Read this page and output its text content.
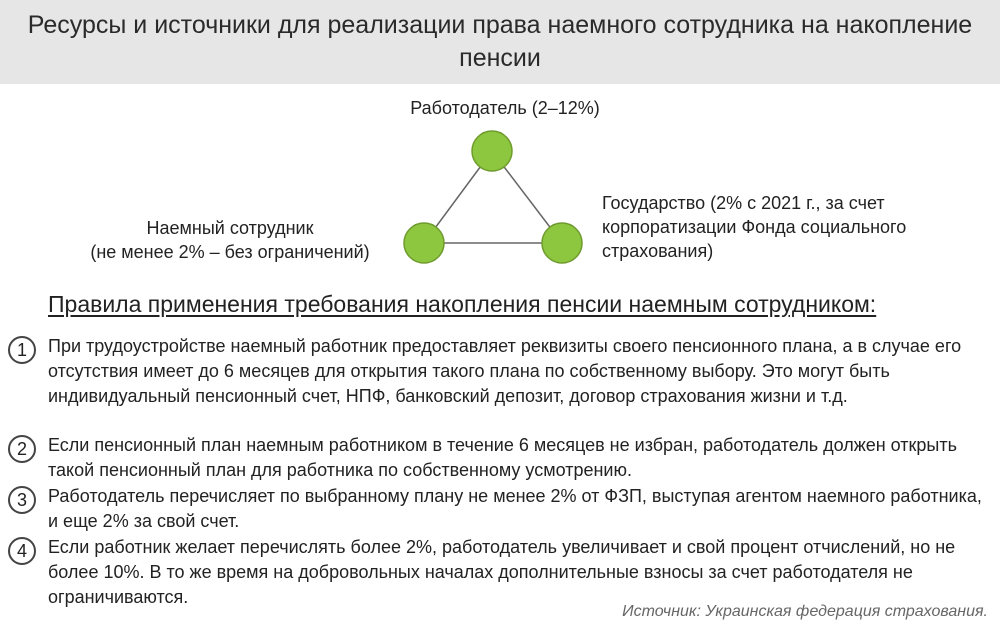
Ресурсы и источники для реализации права наемного сотрудника на накопление пенсии
Работодатель (2–12%)
Наемный сотрудник
(не менее 2% – без ограничений)
Государство (2% с 2021 г., за счет
корпоратизации Фонда социального
страхования)
Правила применения требования накопления пенсии наемным сотрудником:
1	При трудоустройстве наемный работник предоставляет реквизиты своего пенсионного плана, а в случае его отсутствия имеет до 6 месяцев для открытия такого плана по собственному выбору. Это могут быть индивидуальный пенсионный счет, НПФ, банковский депозит, договор страхования жизни и т.д.
2	Если пенсионный план наемным работником в течение 6 месяцев не избран, работодатель должен открыть такой пенсионный план для работника по собственному усмотрению.
3	Работодатель перечисляет по выбранному плану не менее 2% от ФЗП, выступая агентом наемного работника, и еще 2% за свой счет.
4	Если работник желает перечислять более 2%, работодатель увеличивает и свой процент отчислений, но не более 10%. В то же время на добровольных началах дополнительные взносы за счет работодателя не ограничиваются.
Источник: Украинская федерация страхования.
